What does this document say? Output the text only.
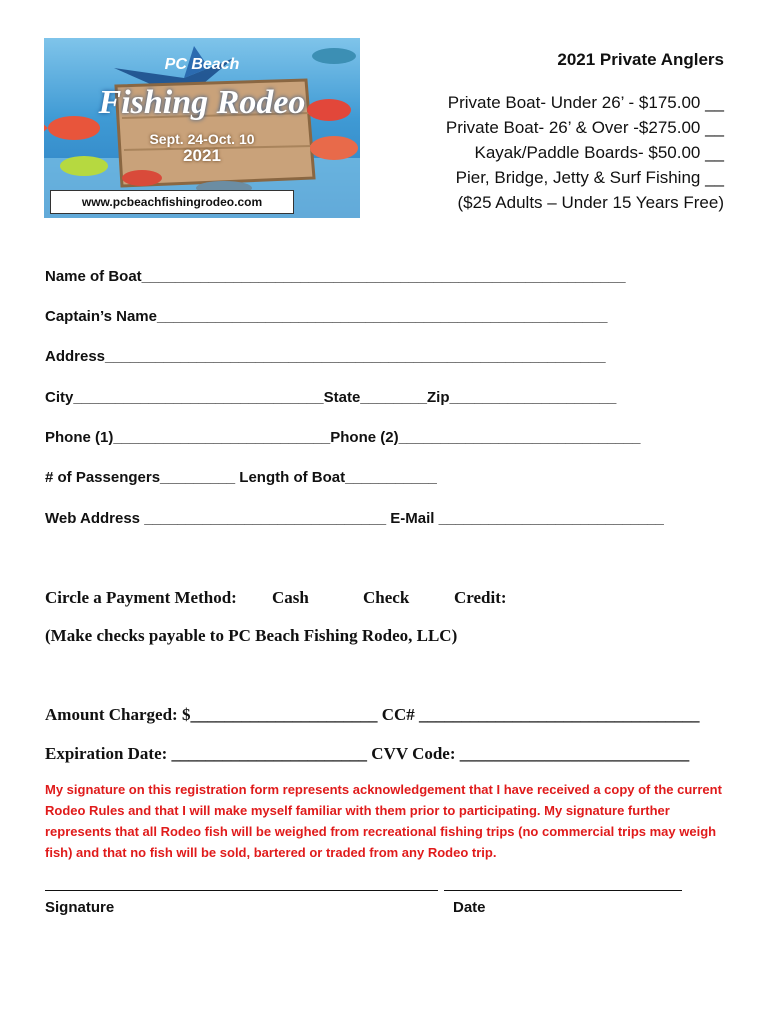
PC Beach
Fishing Rodeo
Sept. 24-Oct. 10
2021
www.pcbeachfishingrodeo.com
2021 Private Anglers
Private Boat- Under 26’ - $175.00 __
Private Boat- 26’ & Over -$275.00 __
Kayak/Paddle Boards- $50.00 __
Pier, Bridge, Jetty & Surf Fishing __
($25 Adults – Under 15 Years Free)
Name of Boat__________________________________________________________
Captain’s Name______________________________________________________
Address____________________________________________________________
City______________________________State________Zip____________________
Phone (1)__________________________Phone (2)_____________________________
# of Passengers_________ Length of Boat___________
Web Address _____________________________ E-Mail ___________________________
Circle a Payment Method: Cash	Check	Credit:
(Make checks payable to PC Beach Fishing Rodeo, LLC)
Amount Charged: $______________________ CC# _________________________________
Expiration Date: _______________________ CVV Code: ___________________________
My signature on this registration form represents acknowledgement that I have received a copy of the current Rodeo Rules and that I will make myself familiar with them prior to participating. My signature further represents that all Rodeo fish will be weighed from recreational fishing trips (no commercial trips may weigh fish) and that no fish will be sold, bartered or traded from any Rodeo trip.
Signature	Date
